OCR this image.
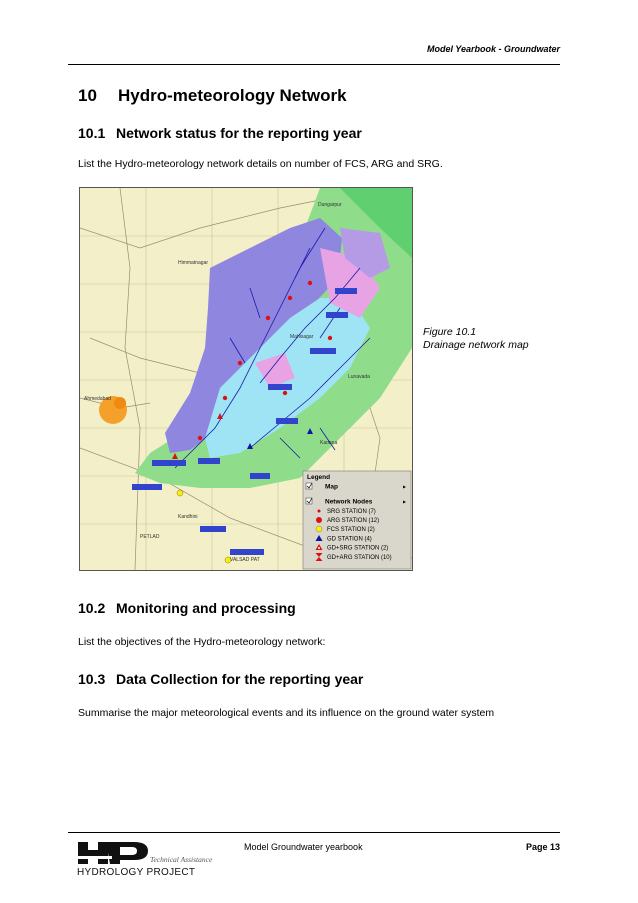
Model Yearbook - Groundwater
10 Hydro-meteorology Network
10.1 Network status for the reporting year
List the Hydro-meteorology network details on number of FCS, ARG and SRG.
Dungarpur
Himmatnagar
Ahmedabad
Kandhini
Lunavada
PETLAD
VALSAD PAT
Mahisagar
Kadana
Legend
Map	▸
Network Nodes	▸
SRG STATION (7)
ARG STATION (12)
FCS STATION (2)
GD STATION (4)
GD+SRG STATION (2)
GD+ARG STATION (10)
Figure 10.1
Drainage network map
10.2 Monitoring and processing
List the objectives of the Hydro-meteorology network:
10.3 Data Collection for the reporting year
Summarise the major meteorological events and its influence on the ground water system
Technical Assistance
HYDROLOGY PROJECT
Model Groundwater yearbook	Page 13
